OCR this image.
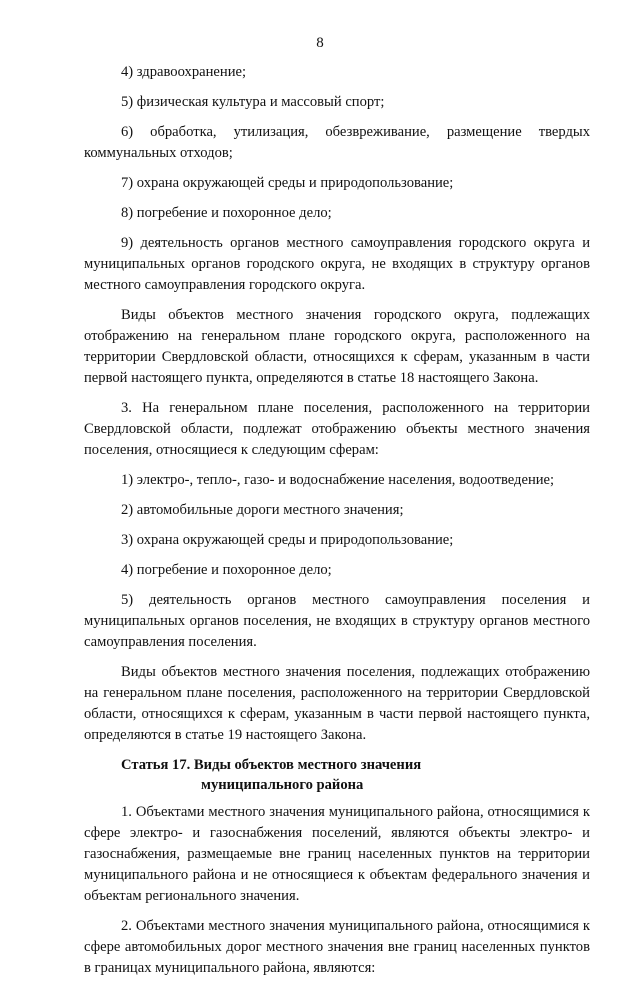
8

4) здравоохранение;

5) физическая культура и массовый спорт;

6) обработка, утилизация, обезвреживание, размещение твердых коммунальных отходов;

7) охрана окружающей среды и природопользование;

8) погребение и похоронное дело;

9) деятельность органов местного самоуправления городского округа и муниципальных органов городского округа, не входящих в структуру органов местного самоуправления городского округа.

Виды объектов местного значения городского округа, подлежащих отображению на генеральном плане городского округа, расположенного на территории Свердловской области, относящихся к сферам, указанным в части первой настоящего пункта, определяются в статье 18 настоящего Закона.

3. На генеральном плане поселения, расположенного на территории Свердловской области, подлежат отображению объекты местного значения поселения, относящиеся к следующим сферам:

1) электро-, тепло-, газо- и водоснабжение населения, водоотведение;

2) автомобильные дороги местного значения;

3) охрана окружающей среды и природопользование;

4) погребение и похоронное дело;

5) деятельность органов местного самоуправления поселения и муниципальных органов поселения, не входящих в структуру органов местного самоуправления поселения.

Виды объектов местного значения поселения, подлежащих отображению на генеральном плане поселения, расположенного на территории Свердловской области, относящихся к сферам, указанным в части первой настоящего пункта, определяются в статье 19 настоящего Закона.

Статья 17. Виды объектов местного значения
муниципального района

1. Объектами местного значения муниципального района, относящимися к сфере электро- и газоснабжения поселений, являются объекты электро- и газоснабжения, размещаемые вне границ населенных пунктов на территории муниципального района и не относящиеся к объектам федерального значения и объектам регионального значения.

2. Объектами местного значения муниципального района, относящимися к сфере автомобильных дорог местного значения вне границ населенных пунктов в границах муниципального района, являются:
